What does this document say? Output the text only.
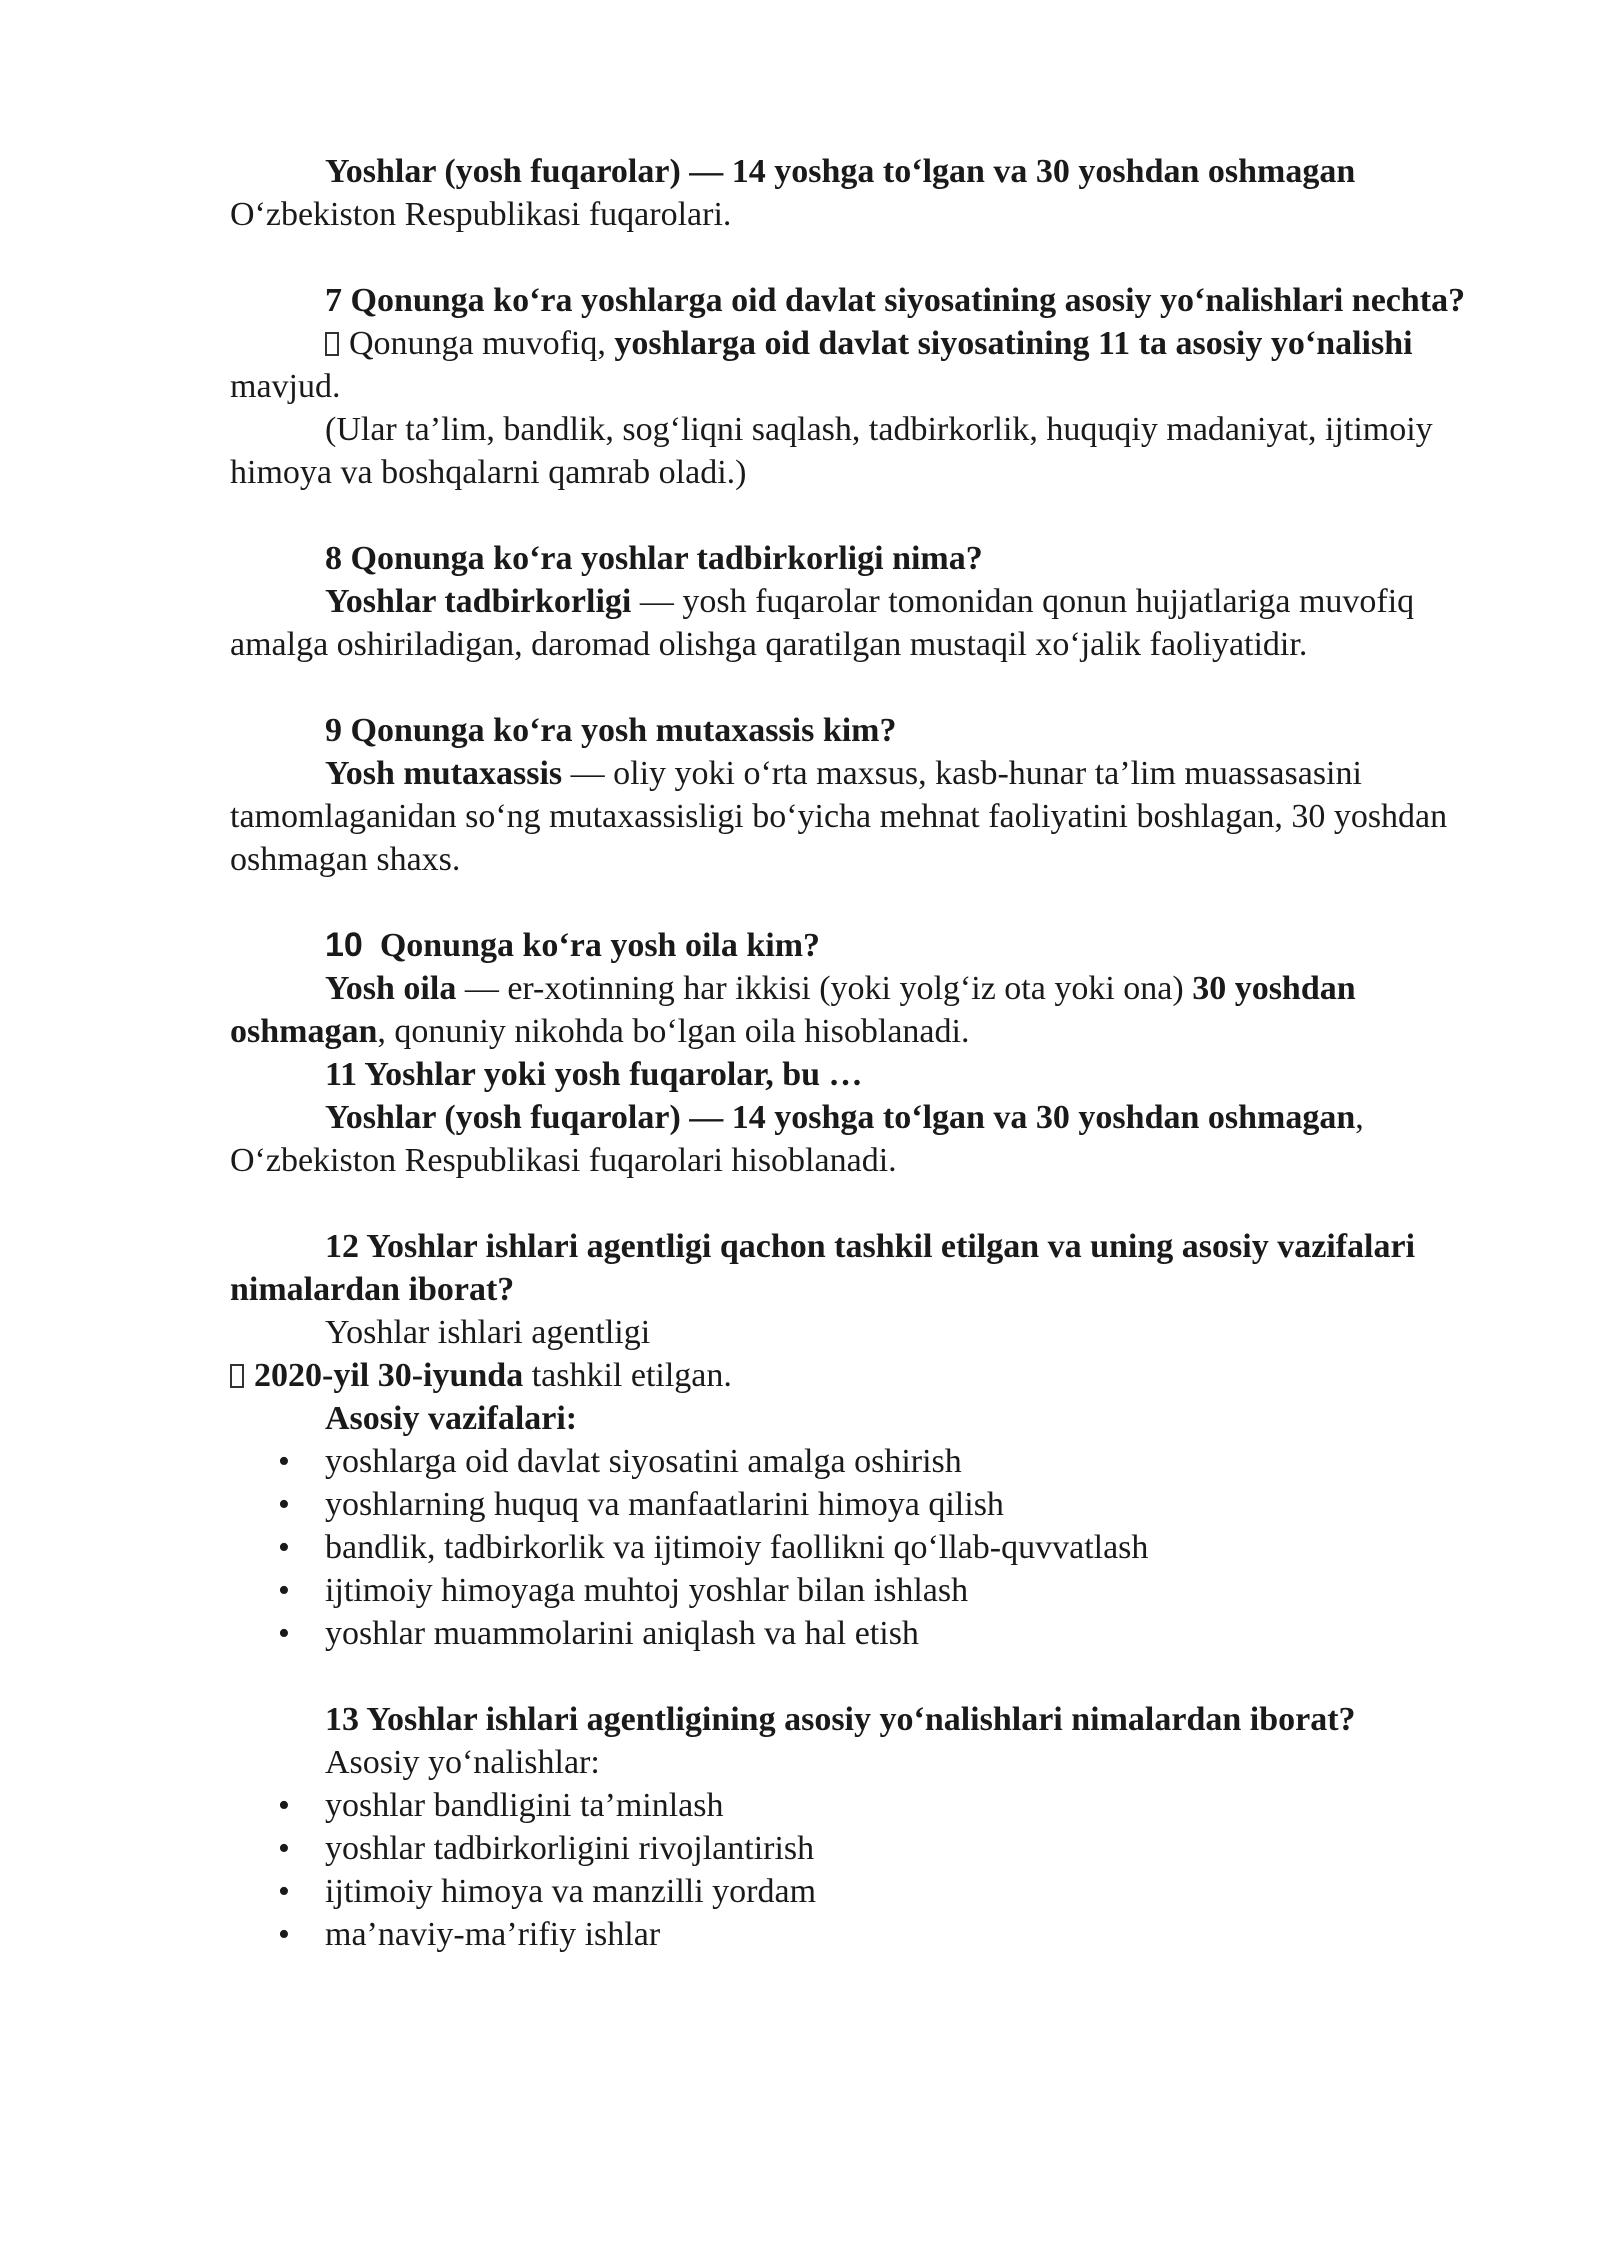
Yoshlar (yosh fuqarolar) — 14 yoshga to‘lgan va 30 yoshdan oshmagan
O‘zbekiston Respublikasi fuqarolari.

7 Qonunga ko‘ra yoshlarga oid davlat siyosatining asosiy yo‘nalishlari nechta?

Qonunga muvofiq, yoshlarga oid davlat siyosatining 11 ta asosiy yo‘nalishi mavjud.

(Ular ta’lim, bandlik, sog‘liqni saqlash, tadbirkorlik, huquqiy madaniyat, ijtimoiy himoya va boshqalarni qamrab oladi.)

8 Qonunga ko‘ra yoshlar tadbirkorligi nima?

Yoshlar tadbirkorligi — yosh fuqarolar tomonidan qonun hujjatlariga muvofiq amalga oshiriladigan, daromad olishga qaratilgan mustaqil xo‘jalik faoliyatidir.

9 Qonunga ko‘ra yosh mutaxassis kim?

Yosh mutaxassis — oliy yoki o‘rta maxsus, kasb-hunar ta’lim muassasasini tamomlaganidan so‘ng mutaxassisligi bo‘yicha mehnat faoliyatini boshlagan, 30 yoshdan oshmagan shaxs.

10 Qonunga ko‘ra yosh oila kim?

Yosh oila — er-xotinning har ikkisi (yoki yolg‘iz ota yoki ona) 30 yoshdan oshmagan, qonuniy nikohda bo‘lgan oila hisoblanadi.

11 Yoshlar yoki yosh fuqarolar, bu …

Yoshlar (yosh fuqarolar) — 14 yoshga to‘lgan va 30 yoshdan oshmagan, O‘zbekiston Respublikasi fuqarolari hisoblanadi.

12 Yoshlar ishlari agentligi qachon tashkil etilgan va uning asosiy vazifalari nimalardan iborat?

Yoshlar ishlari agentligi

2020-yil 30-iyunda tashkil etilgan.

Asosiy vazifalari:

• yoshlarga oid davlat siyosatini amalga oshirish
• yoshlarning huquq va manfaatlarini himoya qilish
• bandlik, tadbirkorlik va ijtimoiy faollikni qo‘llab-quvvatlash
• ijtimoiy himoyaga muhtoj yoshlar bilan ishlash
• yoshlar muammolarini aniqlash va hal etish

13 Yoshlar ishlari agentligining asosiy yo‘nalishlari nimalardan iborat?

Asosiy yo‘nalishlar:

• yoshlar bandligini ta’minlash
• yoshlar tadbirkorligini rivojlantirish
• ijtimoiy himoya va manzilli yordam
• ma’naviy-ma’rifiy ishlar
